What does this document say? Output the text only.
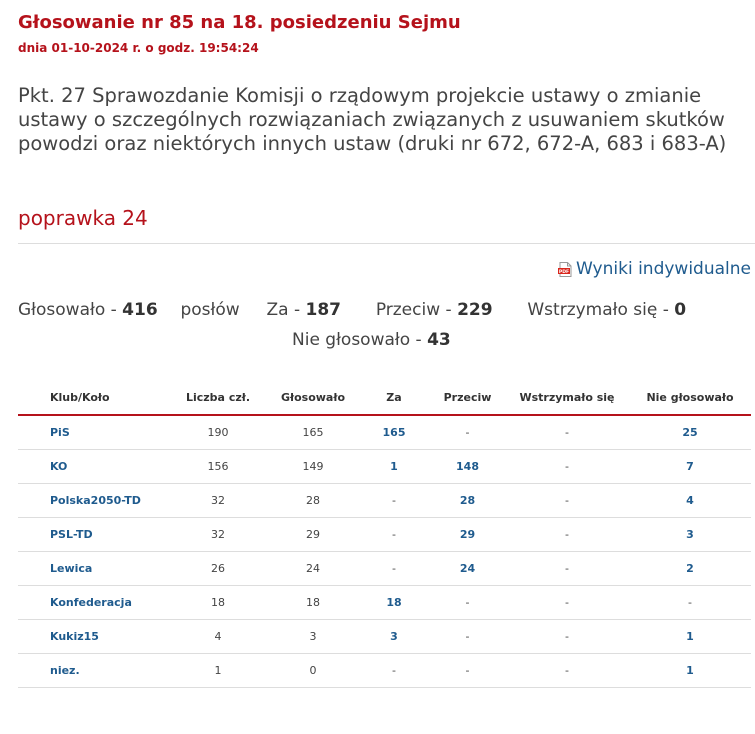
Głosowanie nr 85 na 18. posiedzeniu Sejmu
dnia 01-10-2024 r. o godz. 19:54:24
Pkt. 27 Sprawozdanie Komisji o rządowym projekcie ustawy o zmianie ustawy o szczególnych rozwiązaniach związanych z usuwaniem skutków powodzi oraz niektórych innych ustaw (druki nr 672, 672-A, 683 i 683-A)
poprawka 24
PDF Wyniki indywidualne
Głosowało - 416 posłów Za - 187 Przeciw - 229 Wstrzymało się - 0
Nie głosowało - 43
Klub/Koło	Liczba czł.	Głosowało	Za	Przeciw	Wstrzymało się	Nie głosowało
PiS	190	165	165	-	-	25
KO	156	149	1	148	-	7
Polska2050-TD	32	28	-	28	-	4
PSL-TD	32	29	-	29	-	3
Lewica	26	24	-	24	-	2
Konfederacja	18	18	18	-	-	-
Kukiz15	4	3	3	-	-	1
niez.	1	0	-	-	-	1
